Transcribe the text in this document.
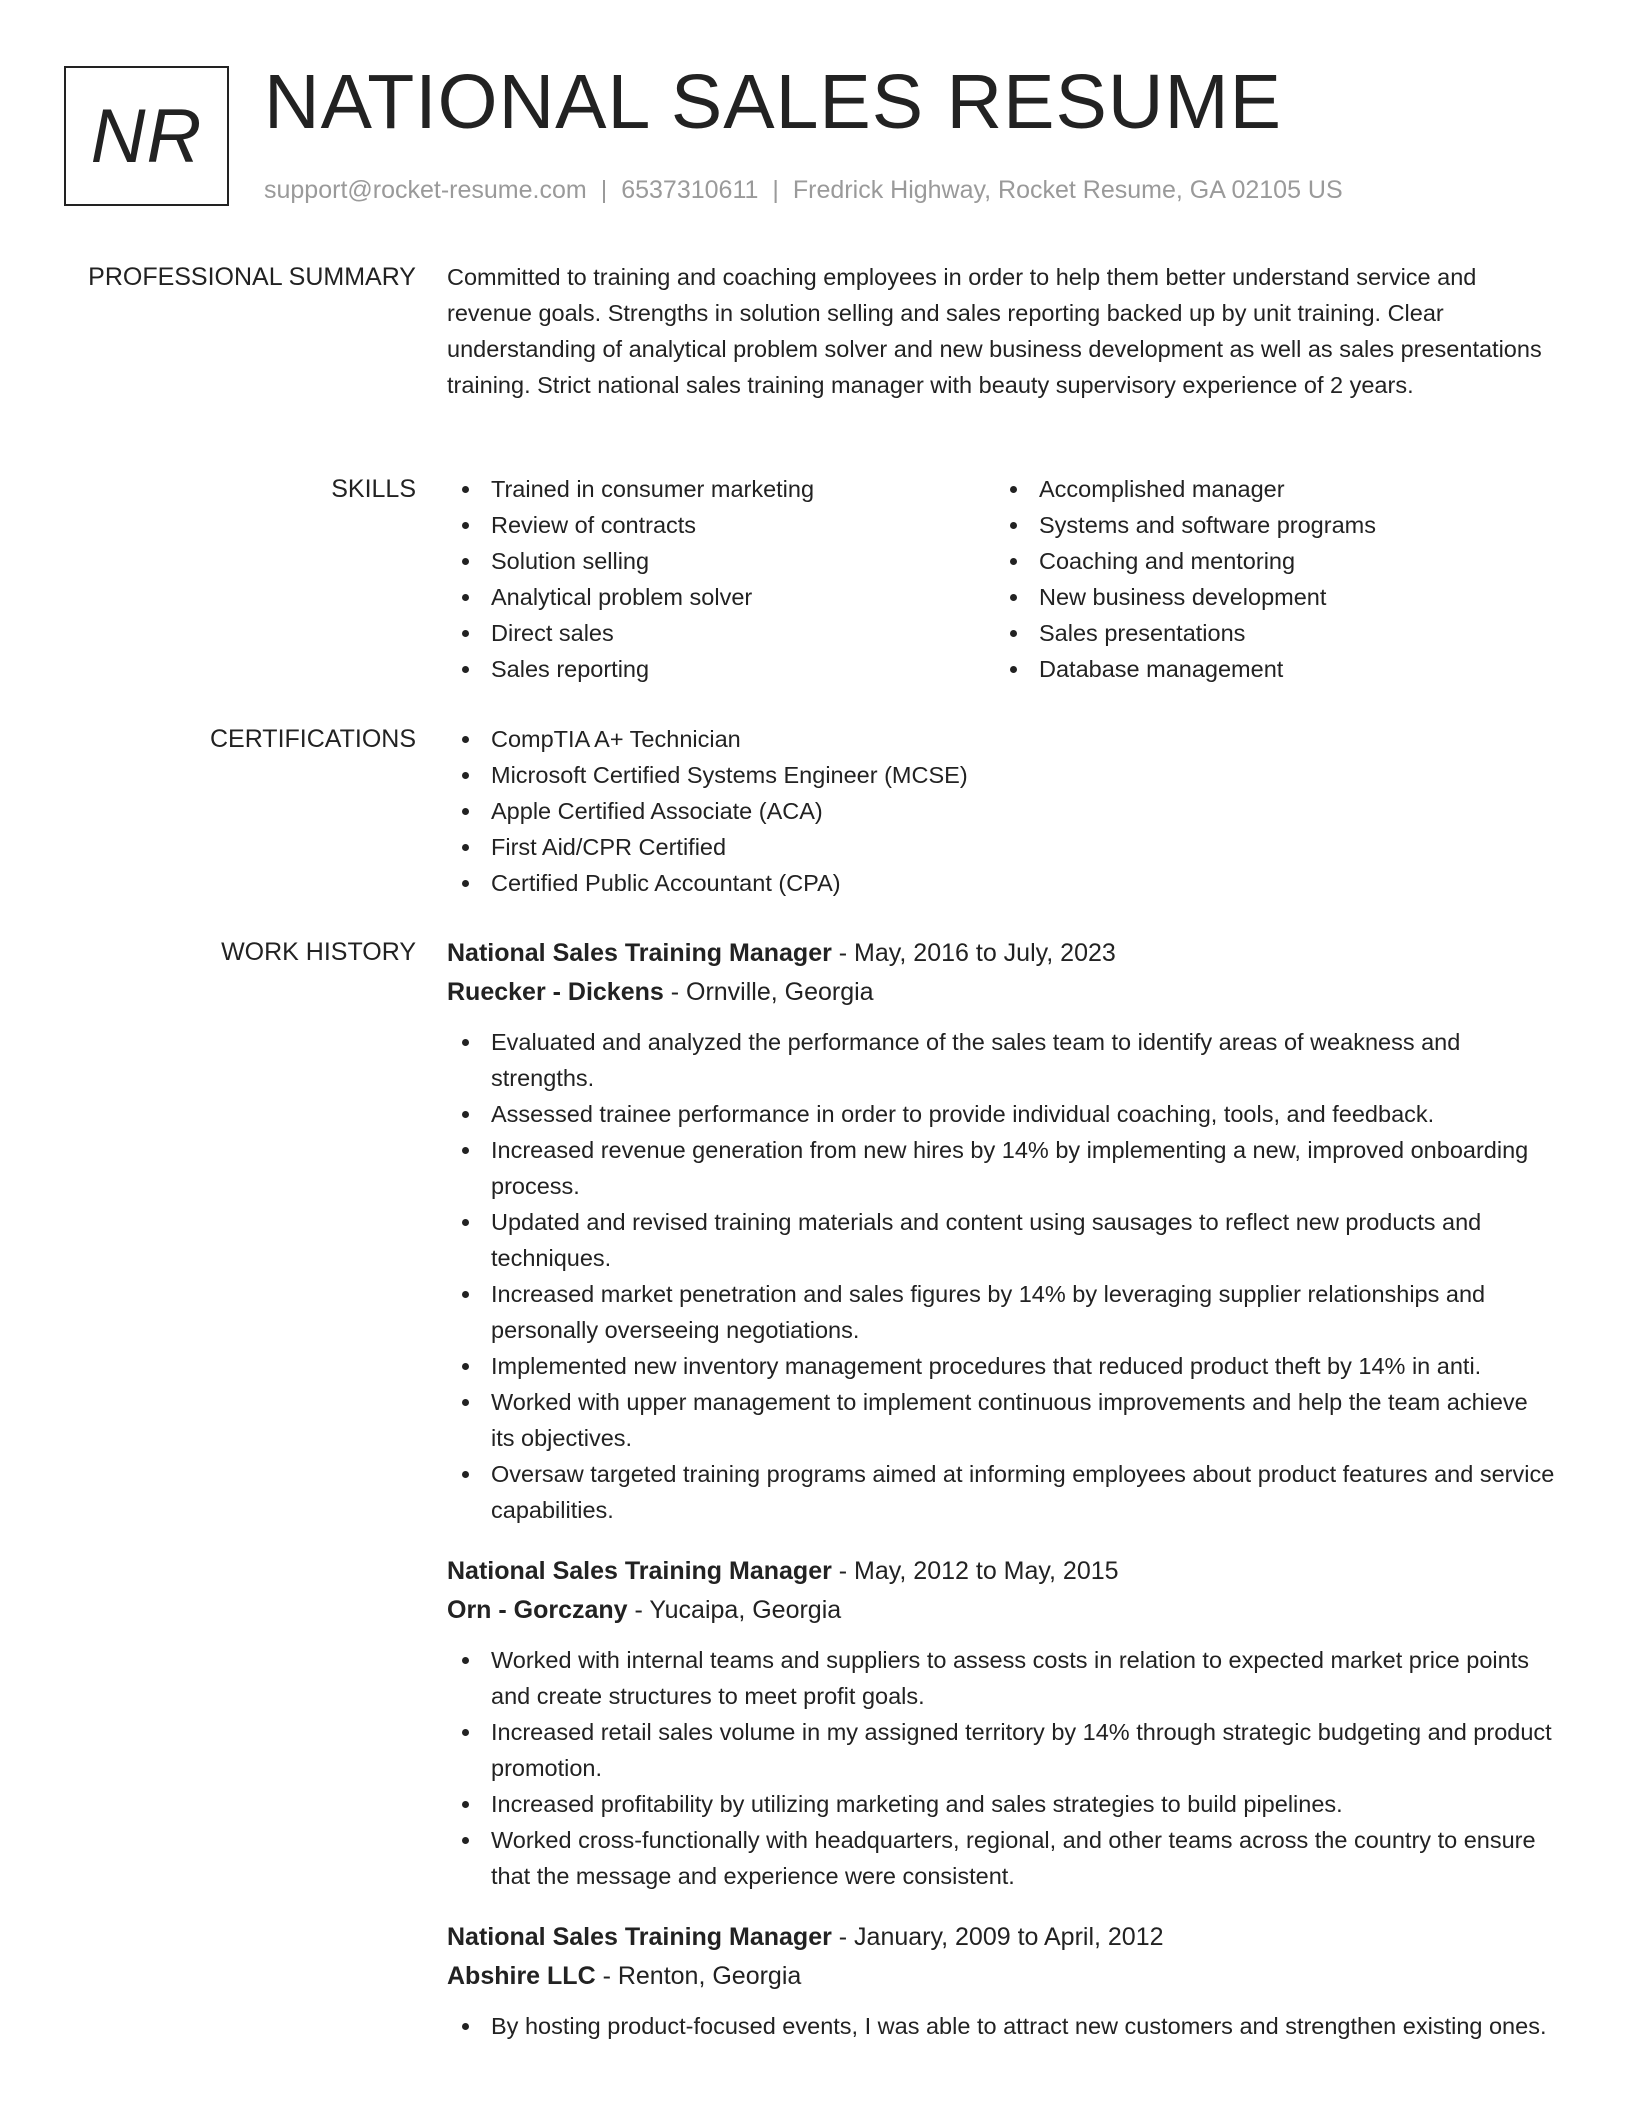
NR NATIONAL SALES RESUME
support@rocket-resume.com | 6537310611 | Fredrick Highway, Rocket Resume, GA 02105 US
PROFESSIONAL SUMMARY Committed to training and coaching employees in order to help them better understand service and revenue goals. Strengths in solution selling and sales reporting backed up by unit training. Clear understanding of analytical problem solver and new business development as well as sales presentations training. Strict national sales training manager with beauty supervisory experience of 2 years.

SKILLS	Trained in consumer marketing
Review of contracts
Solution selling
Analytical problem solver
Direct sales
Sales reporting
Accomplished manager
Systems and software programs
Coaching and mentoring
New business development
Sales presentations
Database management
CERTIFICATIONS	CompTIA A+ Technician
Microsoft Certified Systems Engineer (MCSE)
Apple Certified Associate (ACA)
First Aid/CPR Certified
Certified Public Accountant (CPA)
WORK HISTORY National Sales Training Manager - May, 2016 to July, 2023
Ruecker - Dickens - Ornville, Georgia
Evaluated and analyzed the performance of the sales team to identify areas of weakness and strengths.
Assessed trainee performance in order to provide individual coaching, tools, and feedback.
Increased revenue generation from new hires by 14% by implementing a new, improved onboarding process.
Updated and revised training materials and content using sausages to reflect new products and techniques.
Increased market penetration and sales figures by 14% by leveraging supplier relationships and personally overseeing negotiations.
Implemented new inventory management procedures that reduced product theft by 14% in anti.
Worked with upper management to implement continuous improvements and help the team achieve its objectives.
Oversaw targeted training programs aimed at informing employees about product features and service capabilities.
National Sales Training Manager - May, 2012 to May, 2015
Orn - Gorczany - Yucaipa, Georgia
Worked with internal teams and suppliers to assess costs in relation to expected market price points and create structures to meet profit goals.
Increased retail sales volume in my assigned territory by 14% through strategic budgeting and product promotion.
Increased profitability by utilizing marketing and sales strategies to build pipelines.
Worked cross-functionally with headquarters, regional, and other teams across the country to ensure that the message and experience were consistent.
National Sales Training Manager - January, 2009 to April, 2012
Abshire LLC - Renton, Georgia
By hosting product-focused events, I was able to attract new customers and strengthen existing ones.
